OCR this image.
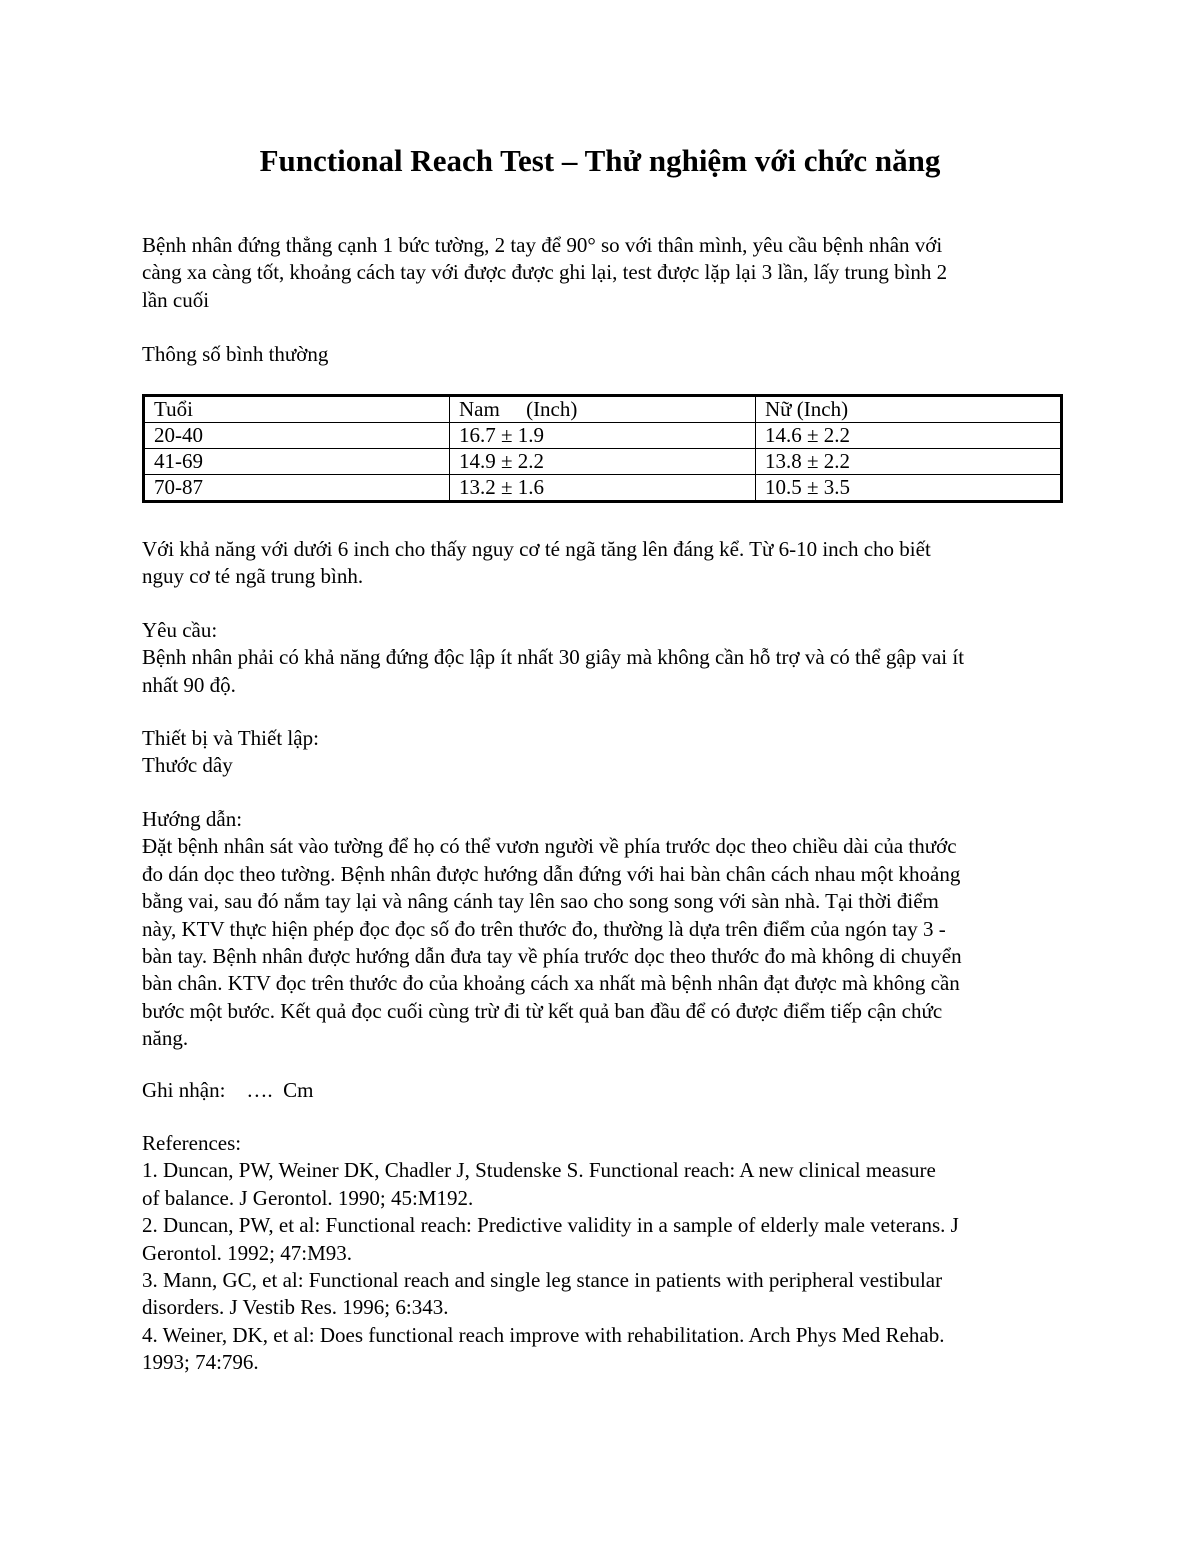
Functional Reach Test – Thử nghiệm với chức năng

Bệnh nhân đứng thẳng cạnh 1 bức tường, 2 tay để 90° so với thân mình, yêu cầu bệnh nhân với
càng xa càng tốt, khoảng cách tay với được được ghi lại, test được lặp lại 3 lần, lấy trung bình 2
lần cuối

Thông số bình thường

Tuổi	Nam     (Inch)	Nữ (Inch)
20-40	16.7 ± 1.9	14.6 ± 2.2
41-69	14.9 ± 2.2	13.8 ± 2.2
70-87	13.2 ± 1.6	10.5 ± 3.5

Với khả năng với dưới 6 inch cho thấy nguy cơ té ngã tăng lên đáng kể. Từ 6-10 inch cho biết
nguy cơ té ngã trung bình.

Yêu cầu:
Bệnh nhân phải có khả năng đứng độc lập ít nhất 30 giây mà không cần hỗ trợ và có thể gập vai ít
nhất 90 độ.

Thiết bị và Thiết lập:
Thước dây

Hướng dẫn:
Đặt bệnh nhân sát vào tường để họ có thể vươn người về phía trước dọc theo chiều dài của thước
đo dán dọc theo tường. Bệnh nhân được hướng dẫn đứng với hai bàn chân cách nhau một khoảng
bằng vai, sau đó nắm tay lại và nâng cánh tay lên sao cho song song với sàn nhà. Tại thời điểm
này, KTV thực hiện phép đọc đọc số đo trên thước đo, thường là dựa trên điểm của ngón tay 3 -
bàn tay. Bệnh nhân được hướng dẫn đưa tay về phía trước dọc theo thước đo mà không di chuyển
bàn chân. KTV đọc trên thước đo của khoảng cách xa nhất mà bệnh nhân đạt được mà không cần
bước một bước. Kết quả đọc cuối cùng trừ đi từ kết quả ban đầu để có được điểm tiếp cận chức
năng.

Ghi nhận:    ….  Cm

References:
1. Duncan, PW, Weiner DK, Chadler J, Studenske S. Functional reach: A new clinical measure
of balance. J Gerontol. 1990; 45:M192.
2. Duncan, PW, et al: Functional reach: Predictive validity in a sample of elderly male veterans. J
Gerontol. 1992; 47:M93.
3. Mann, GC, et al: Functional reach and single leg stance in patients with peripheral vestibular
disorders. J Vestib Res. 1996; 6:343.
4. Weiner, DK, et al: Does functional reach improve with rehabilitation. Arch Phys Med Rehab.
1993; 74:796.
